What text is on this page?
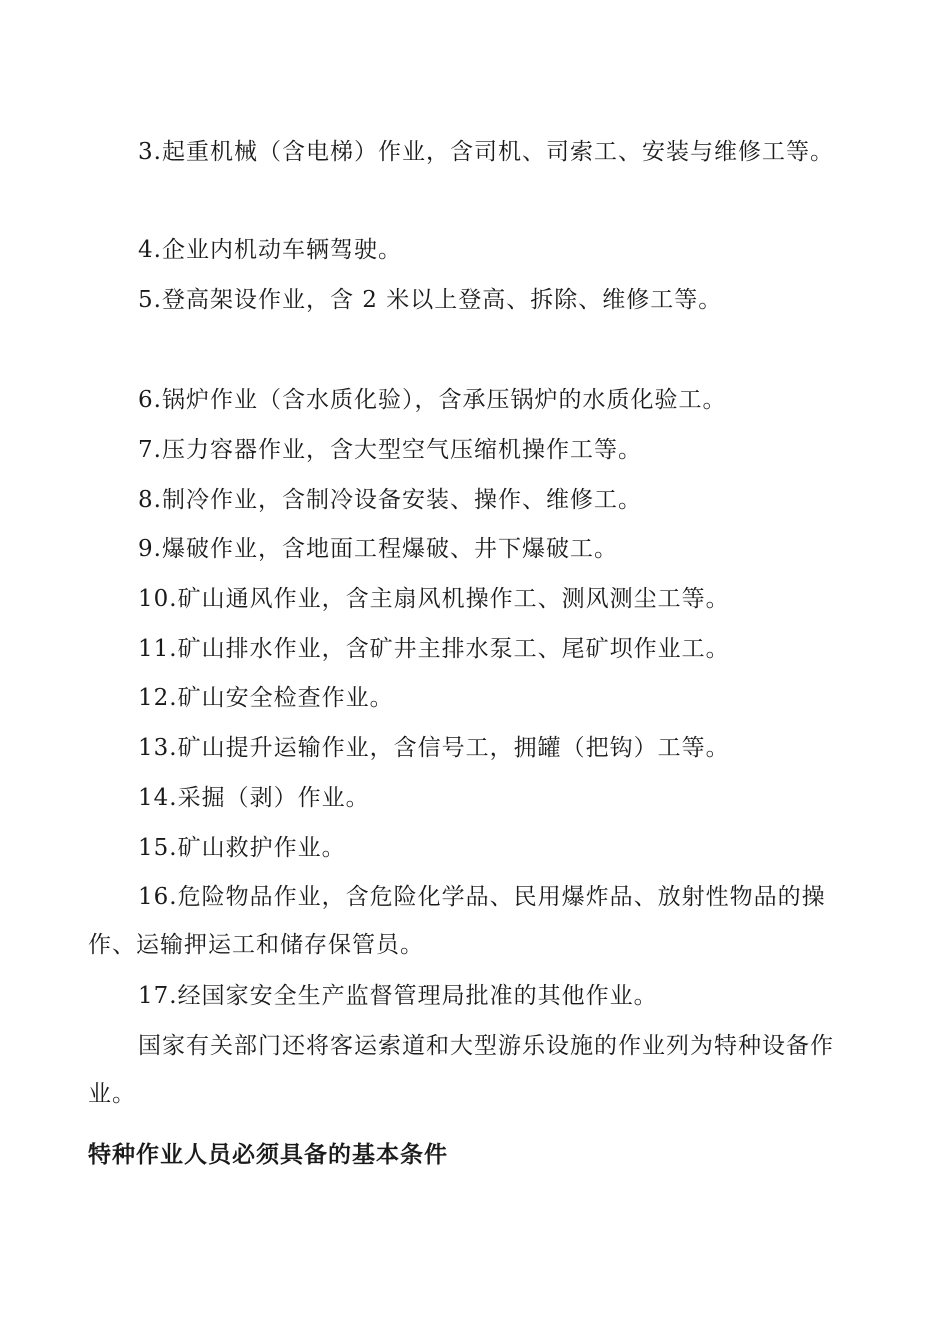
3.起重机械（含电梯）作业，含司机、司索工、安装与维修工等。

4.企业内机动车辆驾驶。

5.登高架设作业，含 2 米以上登高、拆除、维修工等。

6.锅炉作业（含水质化验），含承压锅炉的水质化验工。

7.压力容器作业，含大型空气压缩机操作工等。

8.制冷作业，含制冷设备安装、操作、维修工。

9.爆破作业，含地面工程爆破、井下爆破工。

10.矿山通风作业，含主扇风机操作工、测风测尘工等。

11.矿山排水作业，含矿井主排水泵工、尾矿坝作业工。

12.矿山安全检查作业。

13.矿山提升运输作业，含信号工，拥罐（把钩）工等。

14.采掘（剥）作业。

15.矿山救护作业。

16.危险物品作业，含危险化学品、民用爆炸品、放射性物品的操作、运输押运工和储存保管员。

17.经国家安全生产监督管理局批准的其他作业。

国家有关部门还将客运索道和大型游乐设施的作业列为特种设备作业。

特种作业人员必须具备的基本条件
